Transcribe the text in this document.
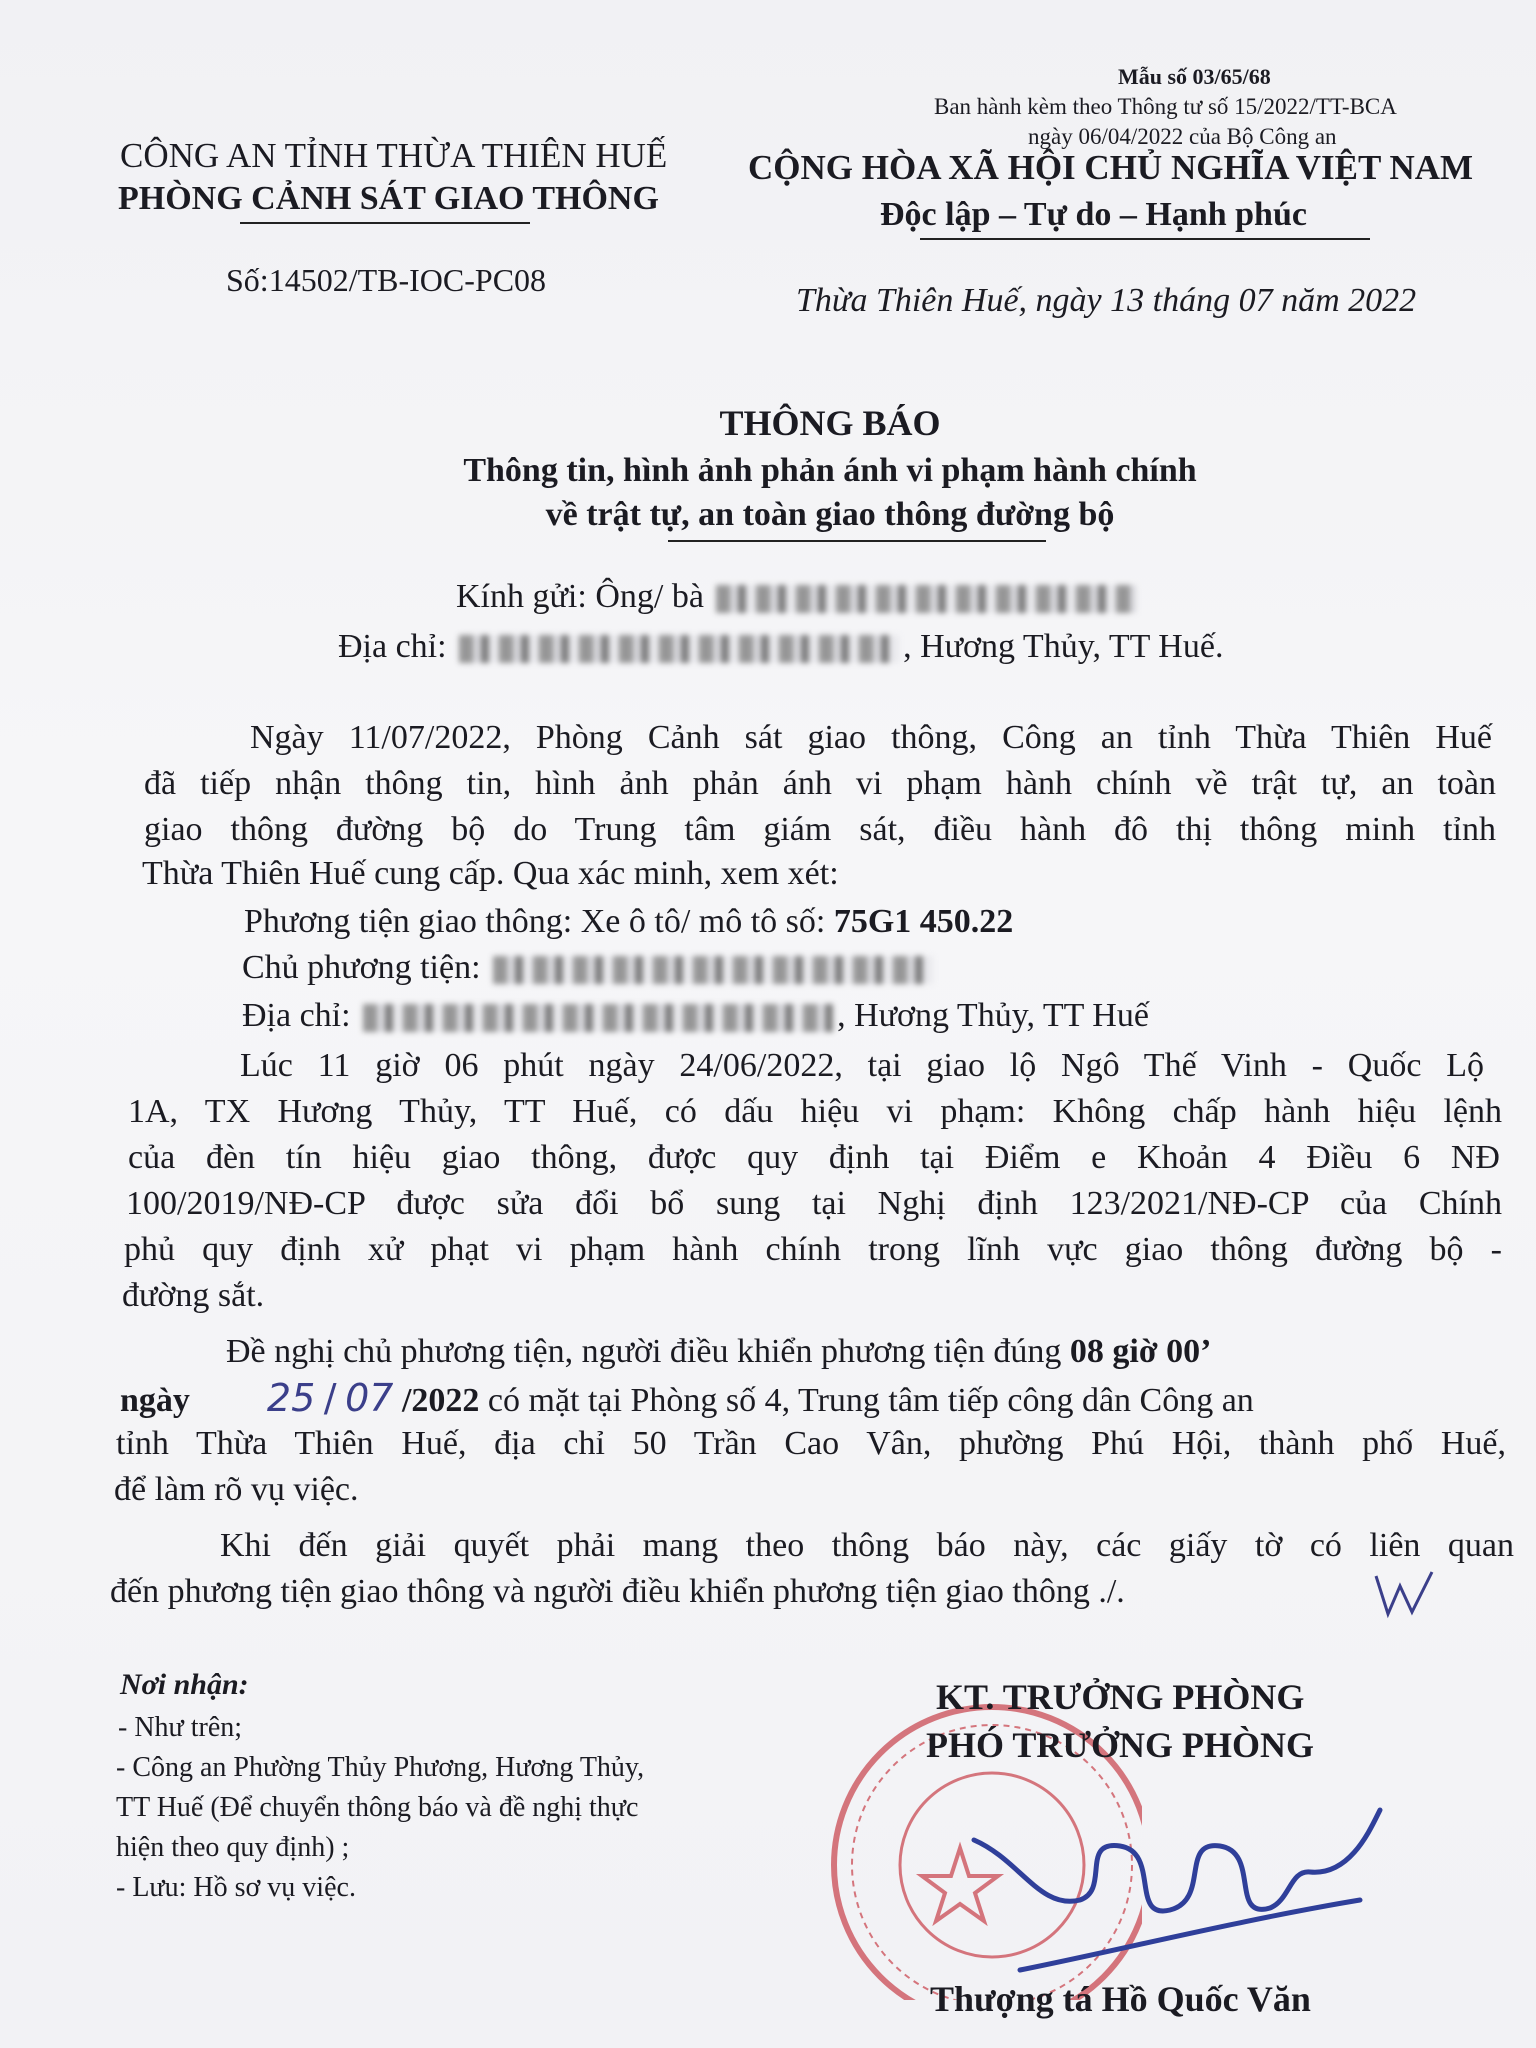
Mẫu số 03/65/68
Ban hành kèm theo Thông tư số 15/2022/TT-BCA
ngày 06/04/2022 của Bộ Công an
CÔNG AN TỈNH THỪA THIÊN HUẾ
PHÒNG CẢNH SÁT GIAO THÔNG
Số:14502/TB-IOC-PC08
CỘNG HÒA XÃ HỘI CHỦ NGHĨA VIỆT NAM
Độc lập – Tự do – Hạnh phúc
Thừa Thiên Huế, ngày 13 tháng 07 năm 2022
THÔNG BÁO
Thông tin, hình ảnh phản ánh vi phạm hành chính
về trật tự, an toàn giao thông đường bộ
Kính gửi: Ông/ bà
Địa chỉ:	, Hương Thủy, TT Huế.
Ngày 11/07/2022, Phòng Cảnh sát giao thông, Công an tỉnh Thừa Thiên Huế
đã tiếp nhận thông tin, hình ảnh phản ánh vi phạm hành chính về trật tự, an toàn
giao thông đường bộ do Trung tâm giám sát, điều hành đô thị thông minh tỉnh
Thừa Thiên Huế cung cấp. Qua xác minh, xem xét:
Phương tiện giao thông: Xe ô tô/ mô tô số: 75G1 450.22
Chủ phương tiện:
Địa chỉ:	, Hương Thủy, TT Huế
Lúc 11 giờ 06 phút ngày 24/06/2022, tại giao lộ Ngô Thế Vinh - Quốc Lộ
1A, TX Hương Thủy, TT Huế, có dấu hiệu vi phạm: Không chấp hành hiệu lệnh
của đèn tín hiệu giao thông, được quy định tại Điểm e Khoản 4 Điều 6 NĐ
100/2019/NĐ-CP được sửa đổi bổ sung tại Nghị định 123/2021/NĐ-CP của Chính
phủ quy định xử phạt vi phạm hành chính trong lĩnh vực giao thông đường bộ -
đường sắt.
Đề nghị chủ phương tiện, người điều khiển phương tiện đúng 08 giờ 00’
ngày 25 / 07 /2022 có mặt tại Phòng số 4, Trung tâm tiếp công dân Công an
tỉnh Thừa Thiên Huế, địa chỉ 50 Trần Cao Vân, phường Phú Hội, thành phố Huế,
để làm rõ vụ việc.
Khi đến giải quyết phải mang theo thông báo này, các giấy tờ có liên quan
đến phương tiện giao thông và người điều khiển phương tiện giao thông ./.
Nơi nhận:
- Như trên;
- Công an Phường Thủy Phương, Hương Thủy,
TT Huế (Để chuyển thông báo và đề nghị thực
hiện theo quy định) ;
- Lưu: Hồ sơ vụ việc.
KT. TRƯỞNG PHÒNG
PHÓ TRƯỞNG PHÒNG
Thượng tá Hồ Quốc Văn
